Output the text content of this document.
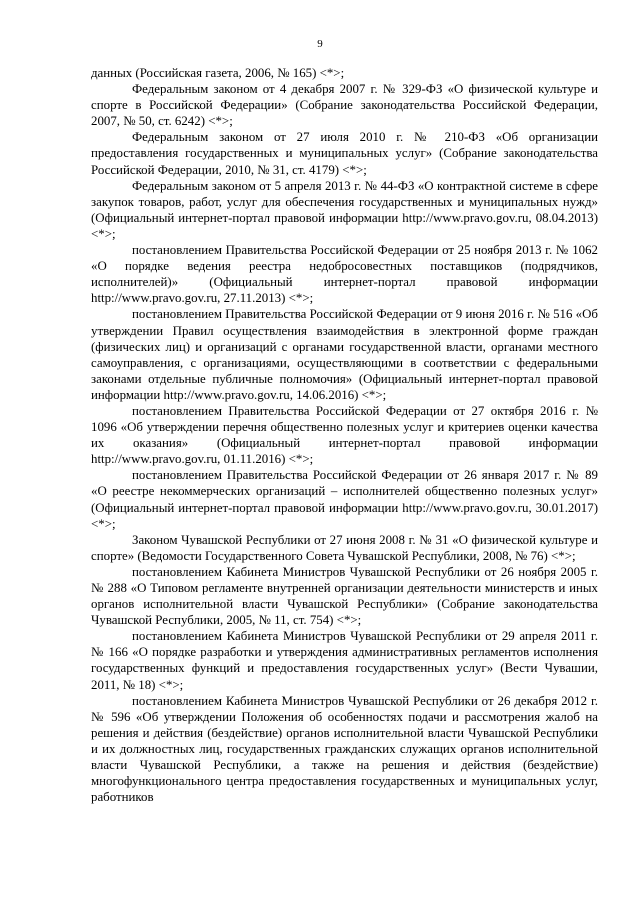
9

данных (Российская газета, 2006, № 165) <*>;

Федеральным законом от 4 декабря 2007 г. № 329-ФЗ «О физической культуре и спорте в Российской Федерации» (Собрание законодательства Российской Федерации, 2007, № 50, ст. 6242) <*>;

Федеральным законом от 27 июля 2010 г. № 210-ФЗ «Об организации предоставления государственных и муниципальных услуг» (Собрание законодательства Российской Федерации, 2010, № 31, ст. 4179) <*>;

Федеральным законом от 5 апреля 2013 г. № 44-ФЗ «О контрактной системе в сфере закупок товаров, работ, услуг для обеспечения государственных и муниципальных нужд» (Официальный интернет-портал правовой информации http://www.pravo.gov.ru, 08.04.2013) <*>;

постановлением Правительства Российской Федерации от 25 ноября 2013 г. № 1062 «О порядке ведения реестра недобросовестных поставщиков (подрядчиков, исполнителей)» (Официальный интернет-портал правовой информации http://www.pravo.gov.ru, 27.11.2013) <*>;

постановлением Правительства Российской Федерации от 9 июня 2016 г. № 516 «Об утверждении Правил осуществления взаимодействия в электронной форме граждан (физических лиц) и организаций с органами государственной власти, органами местного самоуправления, с организациями, осуществляющими в соответствии с федеральными законами отдельные публичные полномочия» (Официальный интернет-портал правовой информации http://www.pravo.gov.ru, 14.06.2016) <*>;

постановлением Правительства Российской Федерации от 27 октября 2016 г. № 1096 «Об утверждении перечня общественно полезных услуг и критериев оценки качества их оказания» (Официальный интернет-портал правовой информации http://www.pravo.gov.ru, 01.11.2016) <*>;

постановлением Правительства Российской Федерации от 26 января 2017 г. № 89 «О реестре некоммерческих организаций – исполнителей общественно полезных услуг» (Официальный интернет-портал правовой информации http://www.pravo.gov.ru, 30.01.2017) <*>;

Законом Чувашской Республики от 27 июня 2008 г. № 31 «О физической культуре и спорте» (Ведомости Государственного Совета Чувашской Республики, 2008, № 76) <*>;

постановлением Кабинета Министров Чувашской Республики от 26 ноября 2005 г. № 288 «О Типовом регламенте внутренней организации деятельности министерств и иных органов исполнительной власти Чувашской Республики» (Собрание законодательства Чувашской Республики, 2005, № 11, ст. 754) <*>;

постановлением Кабинета Министров Чувашской Республики от 29 апреля 2011 г. № 166 «О порядке разработки и утверждения административных регламентов исполнения государственных функций и предоставления государственных услуг» (Вести Чувашии, 2011, № 18) <*>;

постановлением Кабинета Министров Чувашской Республики от 26 декабря 2012 г. № 596 «Об утверждении Положения об особенностях подачи и рассмотрения жалоб на решения и действия (бездействие) органов исполнительной власти Чувашской Республики и их должностных лиц, государственных гражданских служащих органов исполнительной власти Чувашской Республики, а также на решения и действия (бездействие) многофункционального центра предоставления государственных и муниципальных услуг, работников
